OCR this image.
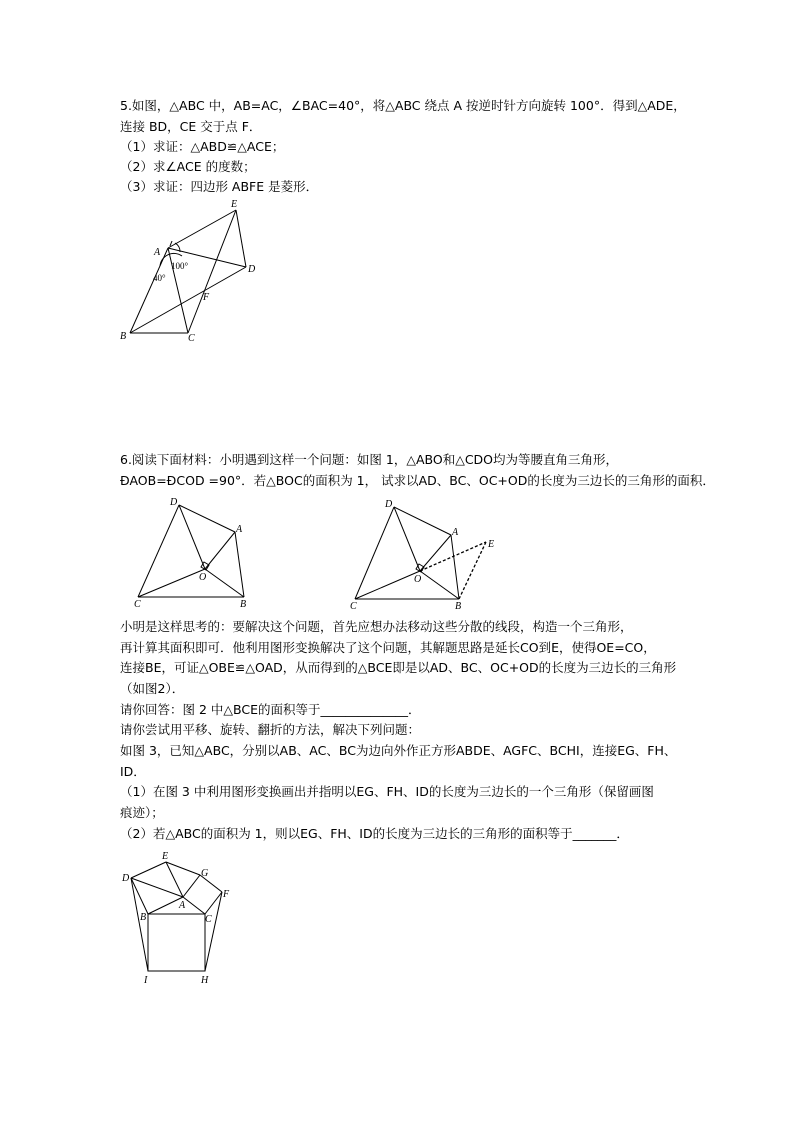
5.如图，△ABC 中，AB=AC，∠BAC=40°，将△ABC 绕点 A 按逆时针方向旋转 100°．得到△ADE，
连接 BD，CE 交于点 F．
（1）求证：△ABD≌△ACE；
（2）求∠ACE 的度数；
（3）求证：四边形 ABFE 是菱形．
E
A
D
F
B	C
100°
40°
6.阅读下面材料：小明遇到这样一个问题：如图 1，△ABO和△CDO均为等腰直角三角形，
ÐAOB=ÐCOD =90°．若△BOC的面积为 1， 试求以AD、BC、OC+OD的长度为三边长的三角形的面积．
D
A
O
C	B
D
A
E
O
C	B
小明是这样思考的：要解决这个问题，首先应想办法移动这些分散的线段，构造一个三角形，
再计算其面积即可．他利用图形变换解决了这个问题，其解题思路是延长CO到E，使得OE=CO，
连接BE，可证△OBE≌△OAD，从而得到的△BCE即是以AD、BC、OC+OD的长度为三边长的三角形
（如图2）．
请你回答：图 2 中△BCE的面积等于______________．
请你尝试用平移、旋转、翻折的方法，解决下列问题：
如图 3，已知△ABC，分别以AB、AC、BC为边向外作正方形ABDE、AGFC、BCHI，连接EG、FH、
ID．
（1）在图 3 中利用图形变换画出并指明以EG、FH、ID的长度为三边长的一个三角形（保留画图
痕迹）；
（2）若△ABC的面积为 1，则以EG、FH、ID的长度为三边长的三角形的面积等于_______．
D
E
A
G
F
B	C
I	H
